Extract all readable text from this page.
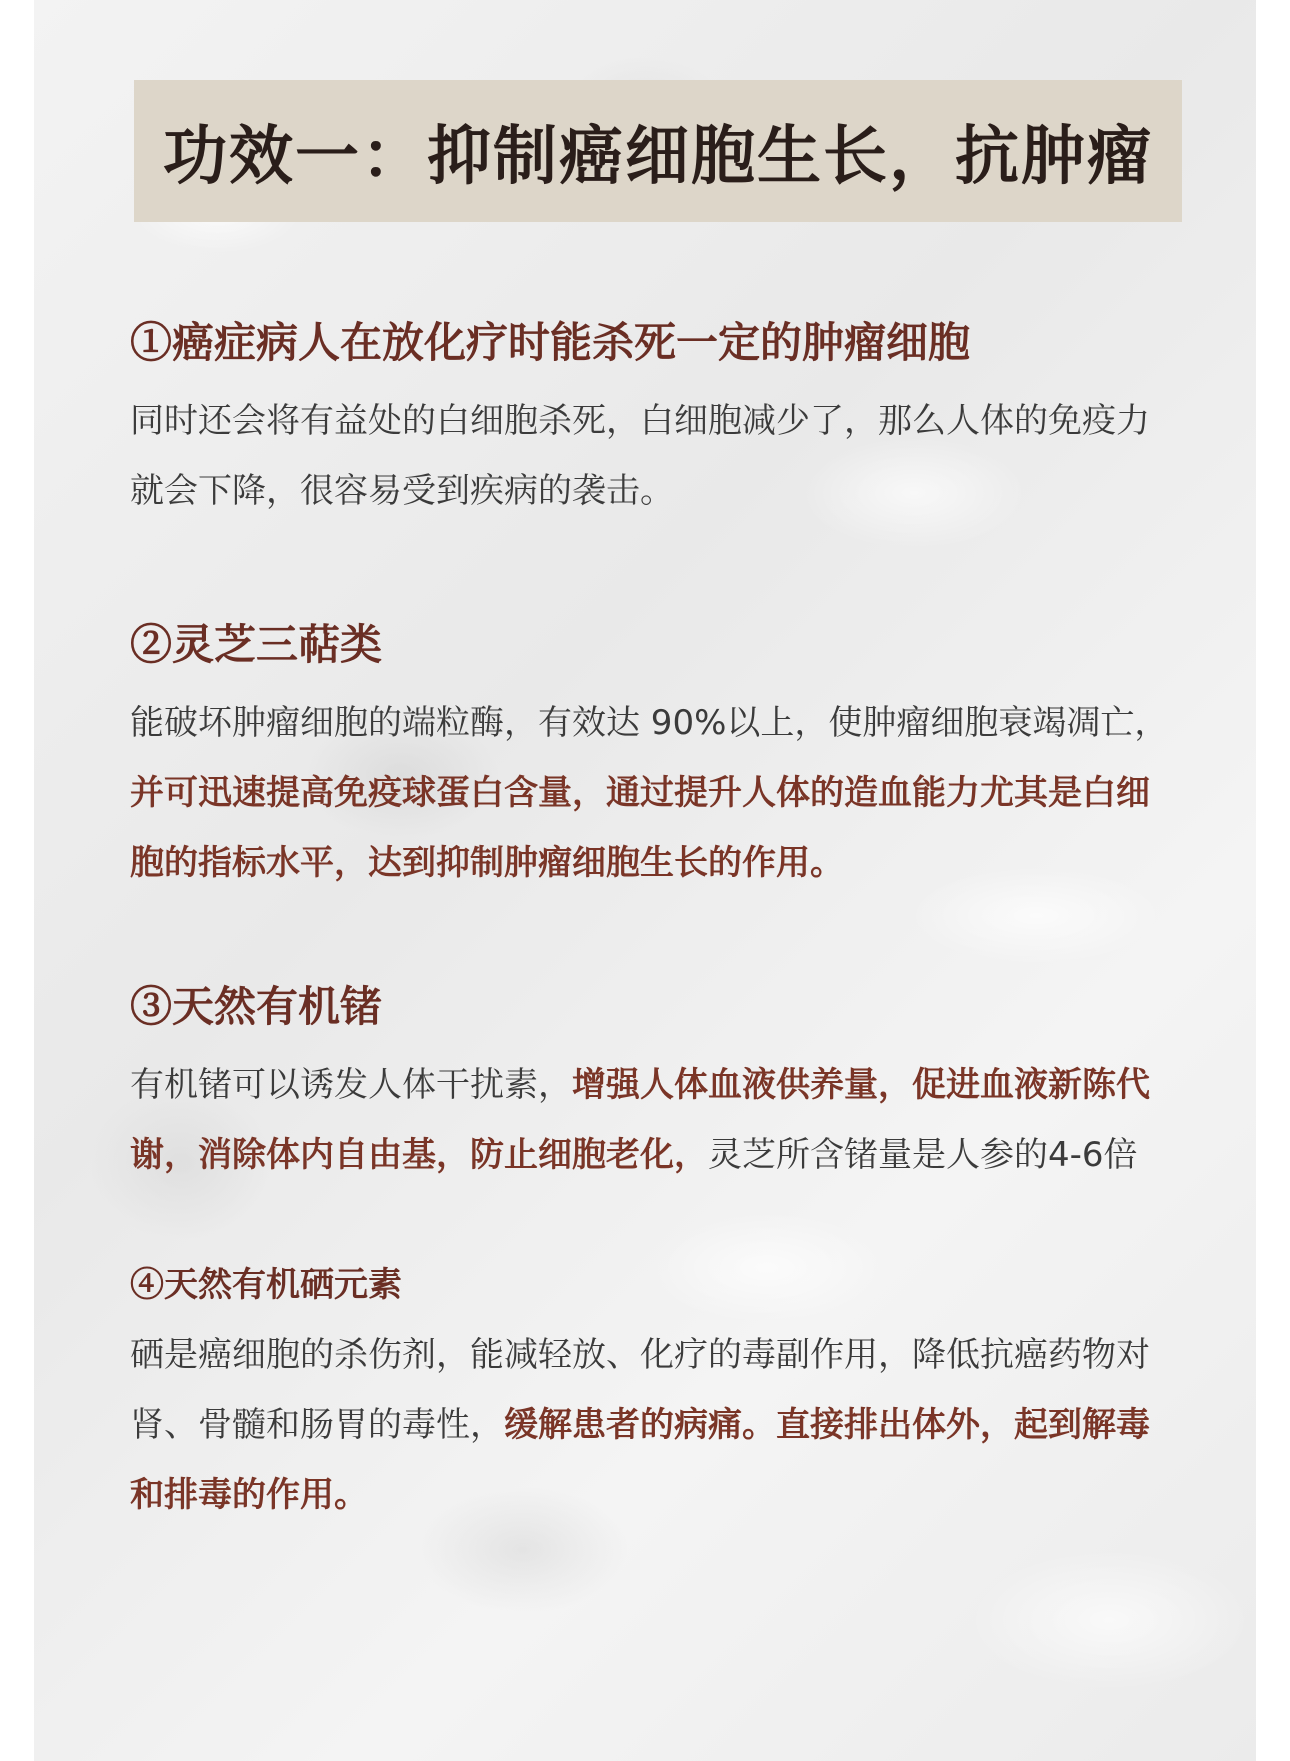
功效一：抑制癌细胞生长，抗肿瘤
①癌症病人在放化疗时能杀死一定的肿瘤细胞

同时还会将有益处的白细胞杀死，白细胞减少了，那么人体的免疫力就会下降，很容易受到疾病的袭击。

②灵芝三萜类

能破坏肿瘤细胞的端粒酶，有效达 90%以上，使肿瘤细胞衰竭凋亡，并可迅速提高免疫球蛋白含量，通过提升人体的造血能力尤其是白细胞的指标水平，达到抑制肿瘤细胞生长的作用。

③天然有机锗

有机锗可以诱发人体干扰素，增强人体血液供养量，促进血液新陈代谢，消除体内自由基，防止细胞老化，灵芝所含锗量是人参的4-6倍

④天然有机硒元素

硒是癌细胞的杀伤剂，能减轻放、化疗的毒副作用，降低抗癌药物对肾、骨髓和肠胃的毒性，缓解患者的病痛。直接排出体外，起到解毒和排毒的作用。
